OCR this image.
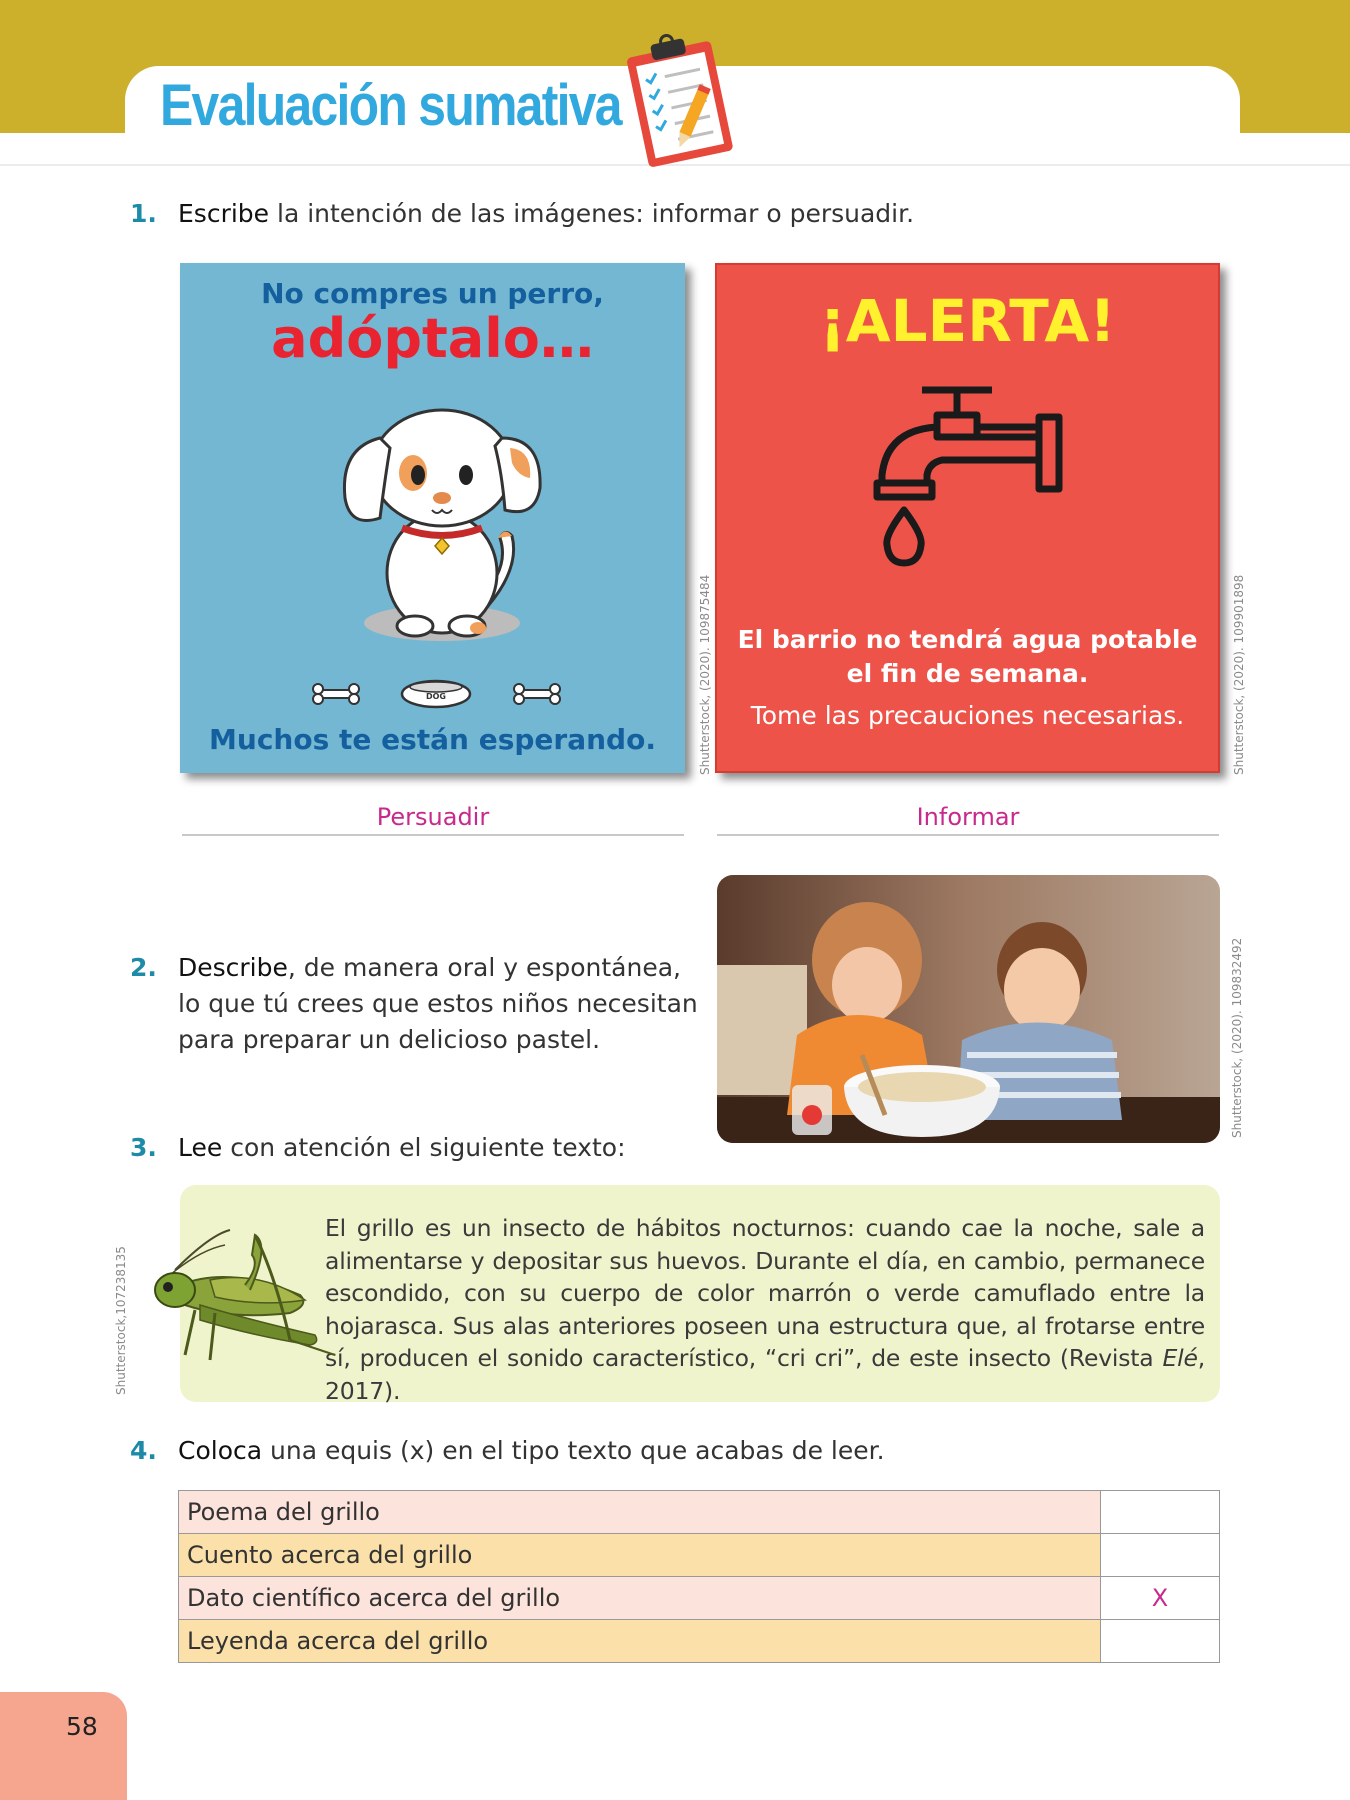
Evaluación sumativa
1. Escribe la intención de las imágenes: informar o persuadir.
No compres un perro,
adóptalo…
DOG
Muchos te están esperando.	Shutterstock, (2020). 109875484
¡ALERTA!
El barrio no tendrá agua potable
el fin de semana.
Tome las precauciones necesarias.	Shutterstock, (2020). 109901898
Persuadir	Informar
2. Describe, de manera oral y espontánea, lo que tú crees que estos niños necesitan para preparar un delicioso pastel.	Shutterstock, (2020). 109832492
3. Lee con atención el siguiente texto:

El grillo es un insecto de hábitos nocturnos: cuando cae la noche, sale a alimentarse y depositar sus huevos. Durante el día, en cambio, permanece escondido, con su cuerpo de color marrón o verde camuflado entre la hojarasca. Sus alas anteriores poseen una estructura que, al frotarse entre sí, producen el sonido característico, “cri cri”, de este insecto (Revista Elé, 2017).

Shutterstock,107238135
4. Coloca una equis (x) en el tipo texto que acabas de leer.
Poema del grillo	
Cuento acerca del grillo	
Dato científico acerca del grillo	X
Leyenda acerca del grillo	
58
